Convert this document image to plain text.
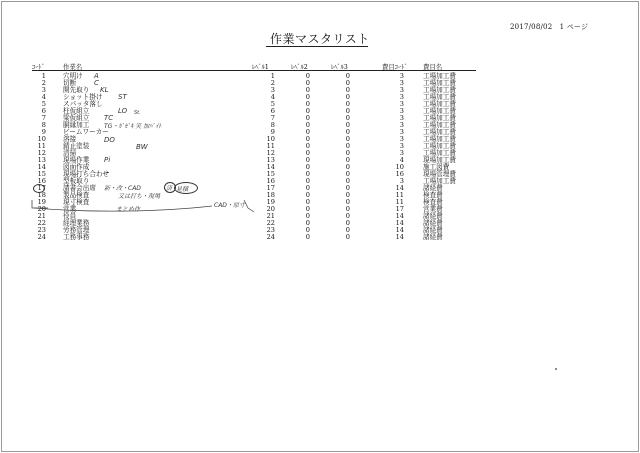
2017/08/02 1 ページ
作業マスタリスト
ｺｰﾄﾞ	作業名	ﾚﾍﾞﾙ1	ﾚﾍﾞﾙ2	ﾚﾍﾞﾙ3	費目ｺｰﾄﾞ 費目名
1	穴明け	1	0	0	3	工場加工費
2	切断	2	0	0	3	工場加工費
3	開先取り	3	0	0	3	工場加工費
4	ショット掛け	4	0	0	3	工場加工費
5	スパッタ落し	5	0	0	3	工場加工費
6	柱仮組立	6	0	0	3	工場加工費
7	梁仮組立	7	0	0	3	工場加工費
8	胴縁加工	8	0	0	3	工場加工費
9	ビームワーカー	9	0	0	3	工場加工費
10	溶接	10	0	0	3	工場加工費
11	錆止塗装	11	0	0	3	工場加工費
12	清掃	12	0	0	3	工場加工費
13	現場作業	13	0	0	4	現場加工費
14	図面作成	14	0	0	10	施工図費
15	現場打ち合わせ	15	0	0	16	現場管理費
16	型板取り	16	0	0	3	工場加工費
17	請書会出席	17	0	0	14	諸経費
18	製品検査	18	0	0	11	検査費
19	現寸検査	19	0	0	11	検査費
20	営業	20	0	0	17	営業費
21	役員	21	0	0	14	諸経費
22	経理業務	22	0	0	14	諸経費
23	労務管理	23	0	0	14	諸経費
24	工務事務	24	0	0	14	諸経費
A
C
KL
ST
LO
TC
St.
TG・ｶﾞｾﾞｷ 笑 加ﾊﾞｲﾄ
DO
BW
Pi
新・改・CAD	済 見積
又は打ち・現場
まとめ作
CAD・原寸
